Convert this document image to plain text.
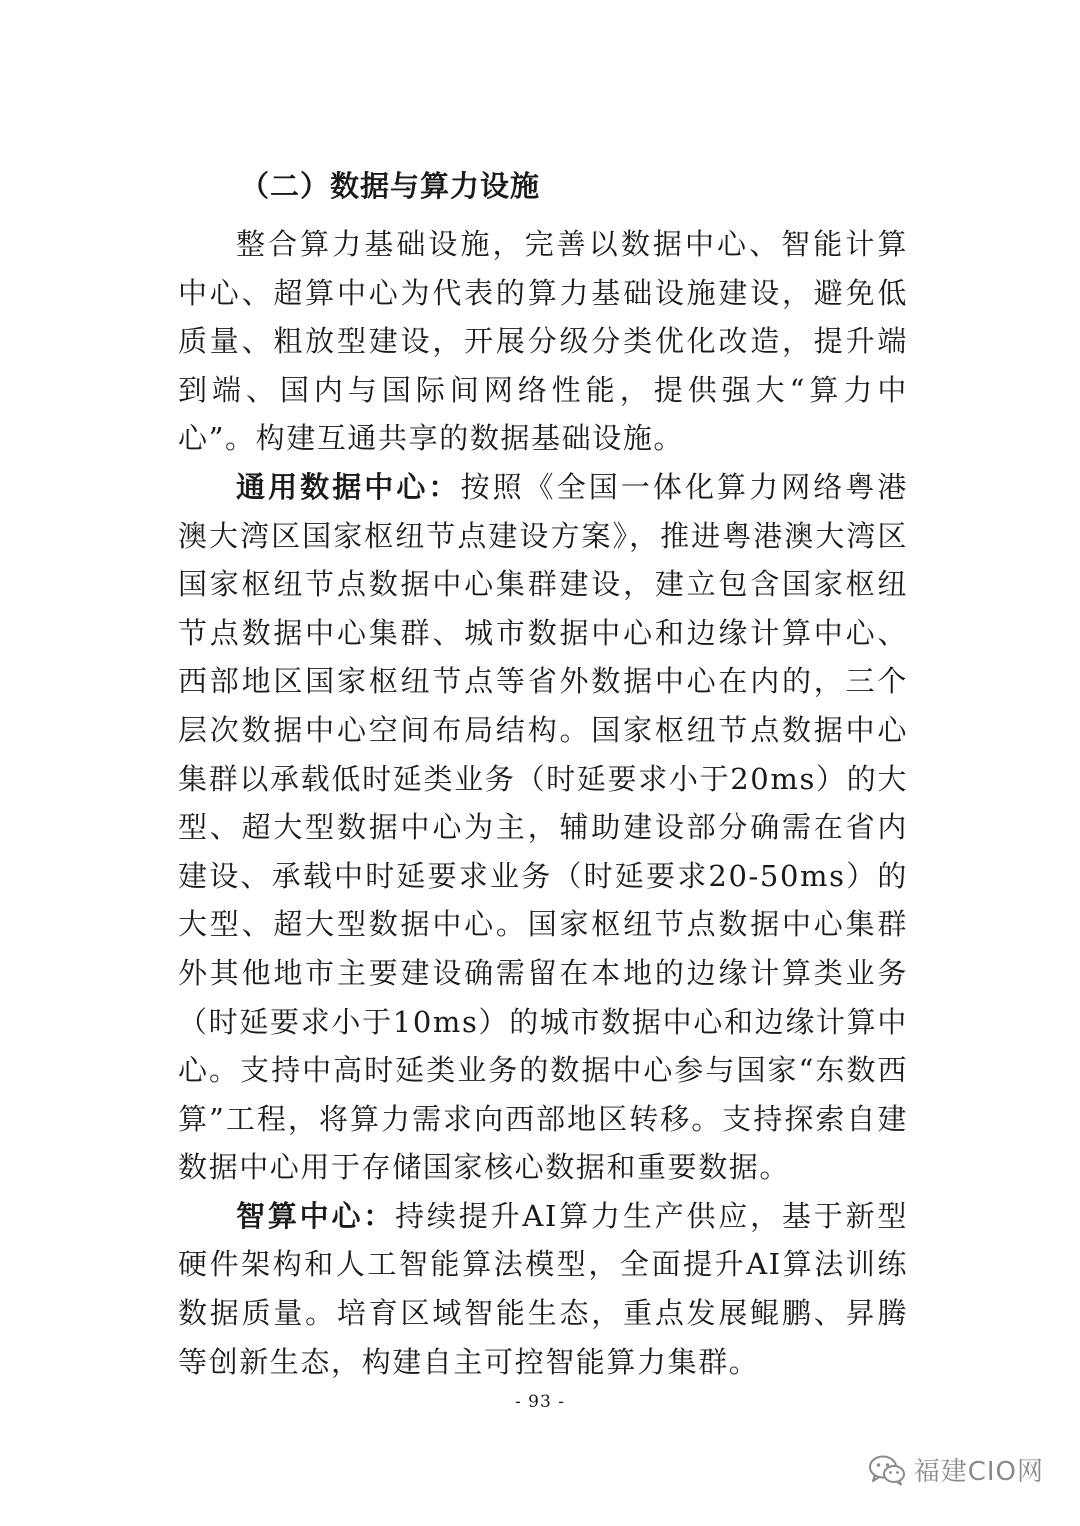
（二）数据与算力设施

整合算力基础设施，完善以数据中心、智能计算中心、超算中心为代表的算力基础设施建设，避免低质量、粗放型建设，开展分级分类优化改造，提升端到端、国内与国际间网络性能，提供强大“算力中心”。构建互通共享的数据基础设施。

通用数据中心：按照《全国一体化算力网络粤港澳大湾区国家枢纽节点建设方案》，推进粤港澳大湾区国家枢纽节点数据中心集群建设，建立包含国家枢纽节点数据中心集群、城市数据中心和边缘计算中心、西部地区国家枢纽节点等省外数据中心在内的，三个层次数据中心空间布局结构。国家枢纽节点数据中心集群以承载低时延类业务（时延要求小于20ms）的大型、超大型数据中心为主，辅助建设部分确需在省内建设、承载中时延要求业务（时延要求20-50ms）的大型、超大型数据中心。国家枢纽节点数据中心集群外其他地市主要建设确需留在本地的边缘计算类业务（时延要求小于10ms）的城市数据中心和边缘计算中心。支持中高时延类业务的数据中心参与国家“东数西算”工程，将算力需求向西部地区转移。支持探索自建数据中心用于存储国家核心数据和重要数据。

智算中心：持续提升AI算力生产供应，基于新型硬件架构和人工智能算法模型，全面提升AI算法训练数据质量。培育区域智能生态，重点发展鲲鹏、昇腾等创新生态，构建自主可控智能算力集群。

- 93 -
福建CIO网
